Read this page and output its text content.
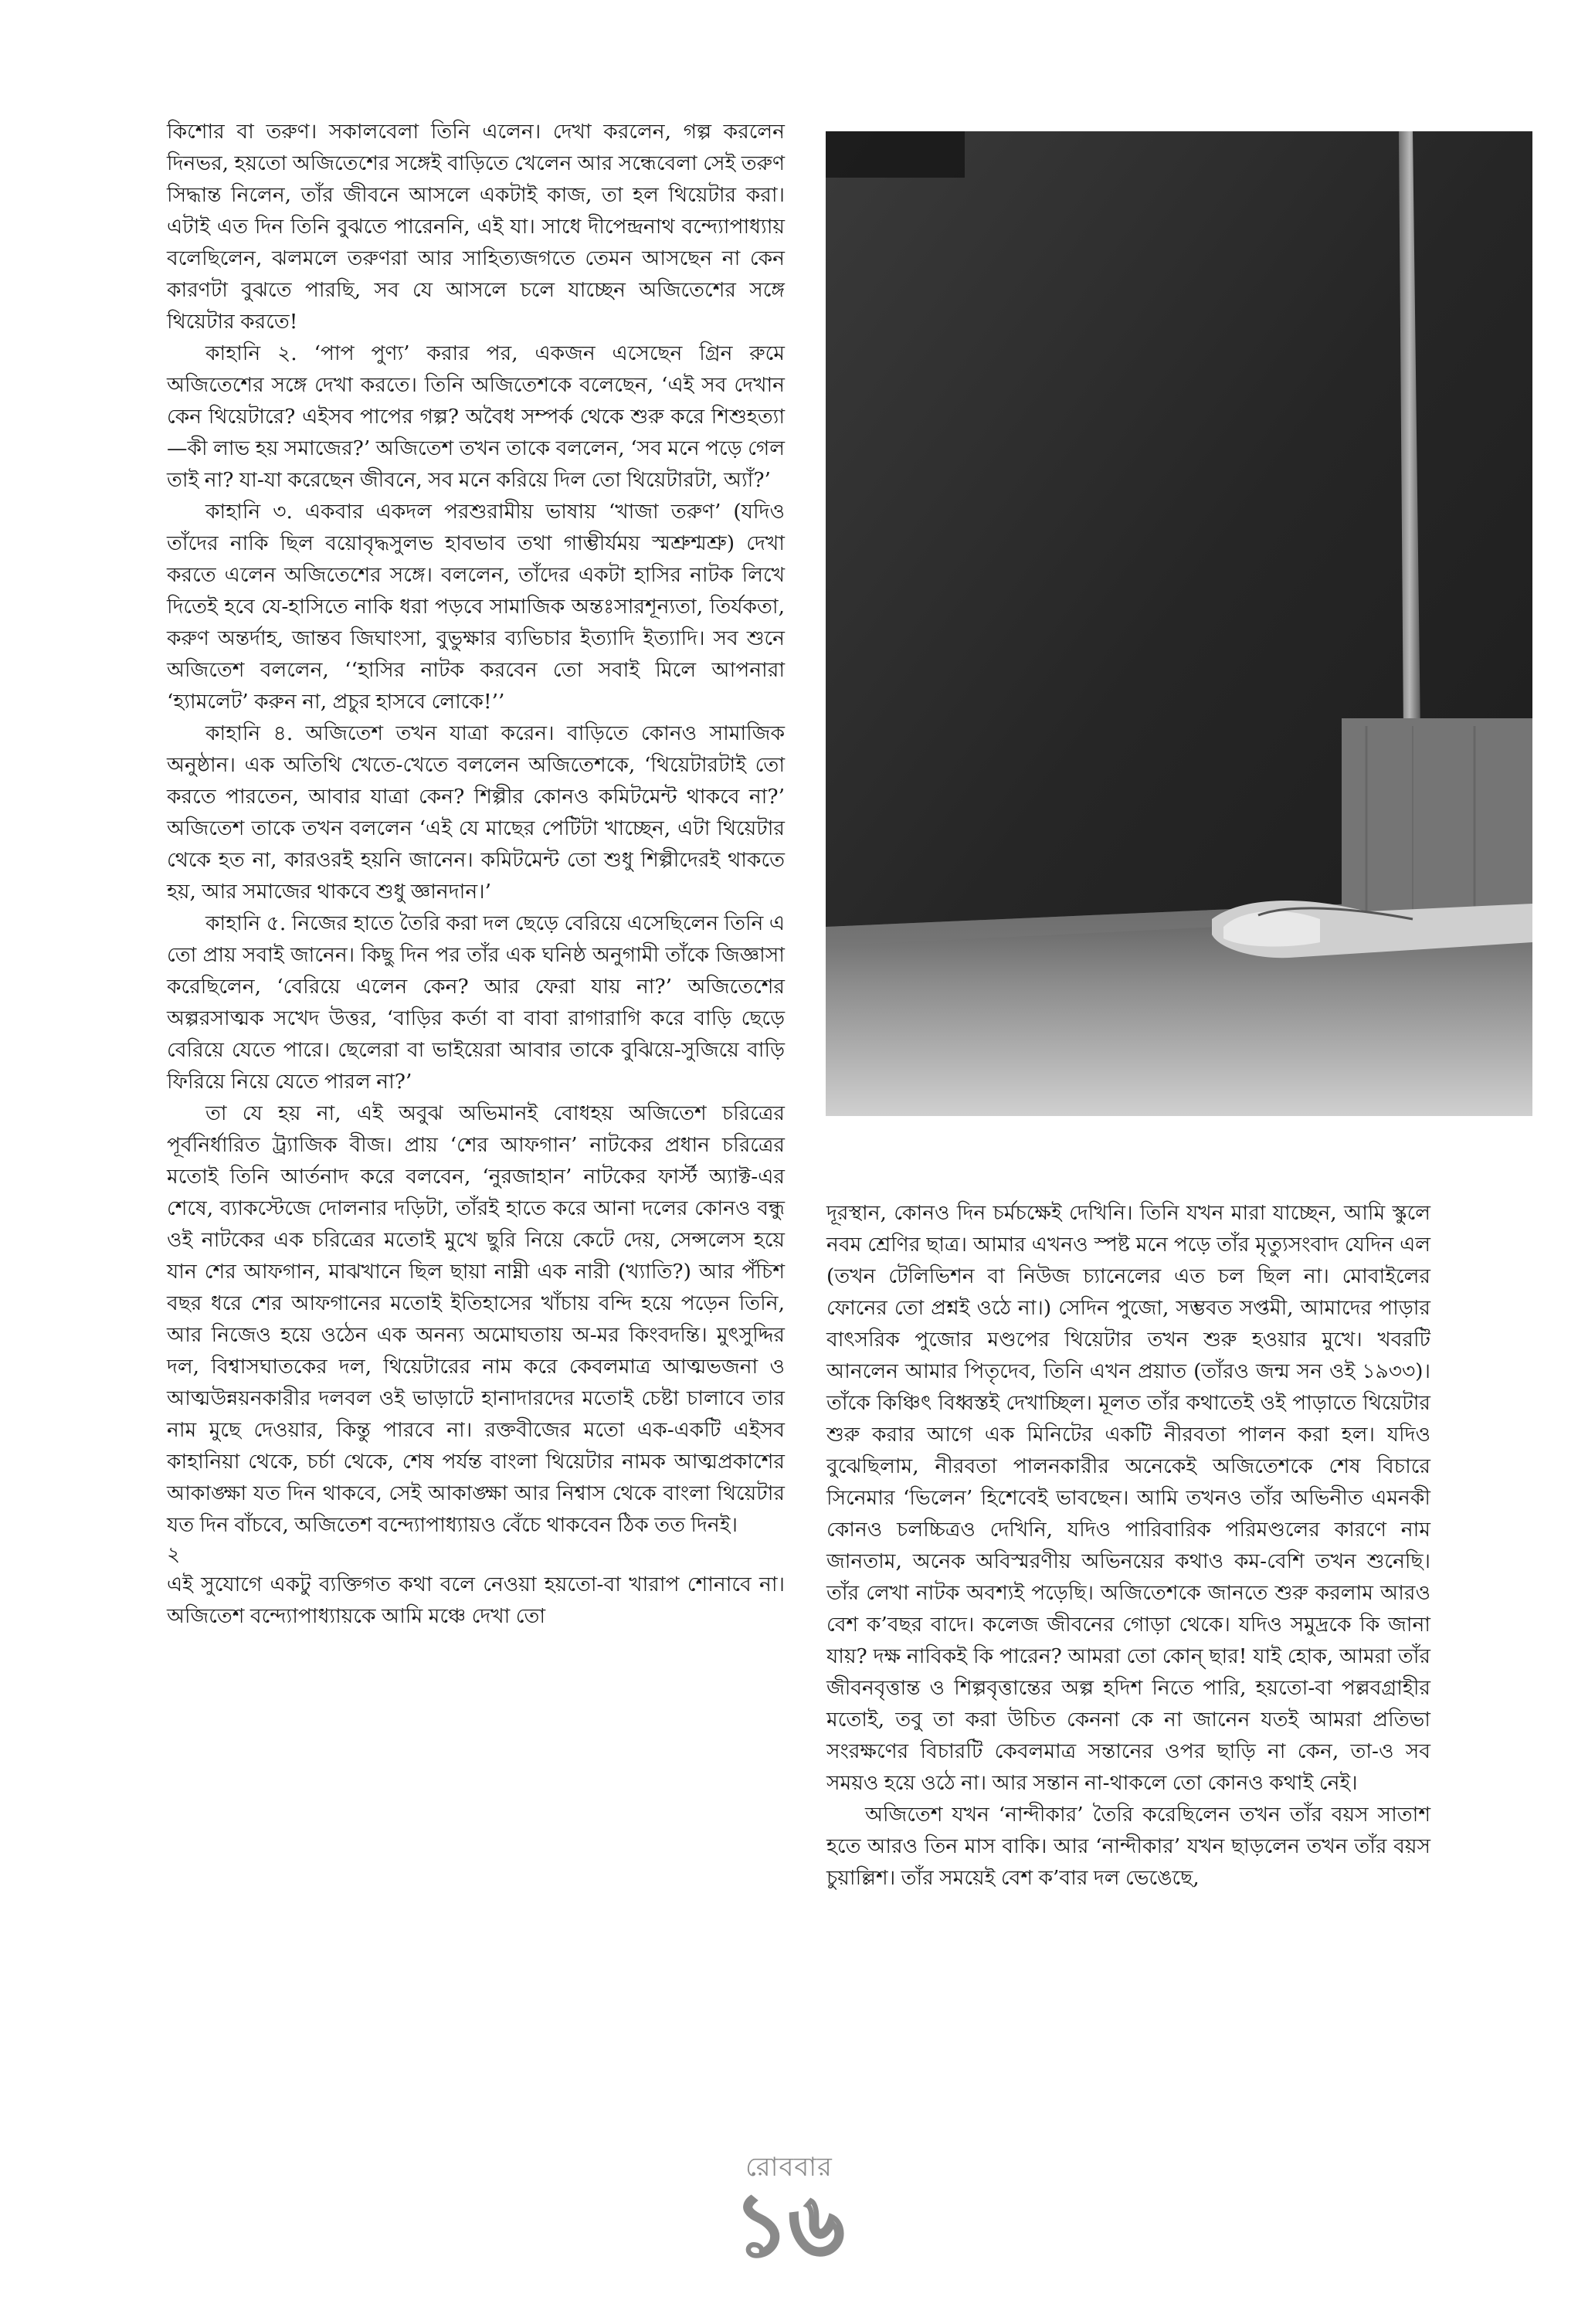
কিশোর বা তরুণ। সকালবেলা তিনি এলেন। দেখা করলেন, গল্প করলেন দিনভর, হয়তো অজিতেশের সঙ্গেই বাড়িতে খেলেন আর সন্ধেবেলা সেই তরুণ সিদ্ধান্ত নিলেন, তাঁর জীবনে আসলে একটাই কাজ, তা হল থিয়েটার করা। এটাই এত দিন তিনি বুঝতে পারেননি, এই যা। সাধে দীপেন্দ্রনাথ বন্দ্যোপাধ্যায় বলেছিলেন, ঝলমলে তরুণরা আর সাহিত্যজগতে তেমন আসছেন না কেন কারণটা বুঝতে পারছি, সব যে আসলে চলে যাচ্ছেন অজিতেশের সঙ্গে থিয়েটার করতে!

কাহানি ২. ‘পাপ পুণ্য’ করার পর, একজন এসেছেন গ্রিন রুমে অজিতেশের সঙ্গে দেখা করতে। তিনি অজিতেশকে বলেছেন, ‘এই সব দেখান কেন থিয়েটারে? এইসব পাপের গল্প? অবৈধ সম্পর্ক থেকে শুরু করে শিশুহত্যা—কী লাভ হয় সমাজের?’ অজিতেশ তখন তাকে বললেন, ‘সব মনে পড়ে গেল তাই না? যা-যা করেছেন জীবনে, সব মনে করিয়ে দিল তো থিয়েটারটা, অ্যাঁ?’

কাহানি ৩. একবার একদল পরশুরামীয় ভাষায় ‘খাজা তরুণ’ (যদিও তাঁদের নাকি ছিল বয়োবৃদ্ধসুলভ হাবভাব তথা গাম্ভীর্যময় স্মশ্রুশ্মশ্রু) দেখা করতে এলেন অজিতেশের সঙ্গে। বললেন, তাঁদের একটা হাসির নাটক লিখে দিতেই হবে যে-হাসিতে নাকি ধরা পড়বে সামাজিক অন্তঃসারশূন্যতা, তির্যকতা, করুণ অন্তর্দাহ, জান্তব জিঘাংসা, বুভুক্ষার ব্যভিচার ইত্যাদি ইত্যাদি। সব শুনে অজিতেশ বললেন, ‘‘হাসির নাটক করবেন তো সবাই মিলে আপনারা ‘হ্যামলেট’ করুন না, প্রচুর হাসবে লোকে!’’

কাহানি ৪. অজিতেশ তখন যাত্রা করেন। বাড়িতে কোনও সামাজিক অনুষ্ঠান। এক অতিথি খেতে-খেতে বললেন অজিতেশকে, ‘থিয়েটারটাই তো করতে পারতেন, আবার যাত্রা কেন? শিল্পীর কোনও কমিটমেন্ট থাকবে না?’ অজিতেশ তাকে তখন বললেন ‘এই যে মাছের পেটিটা খাচ্ছেন, এটা থিয়েটার থেকে হত না, কারওরই হয়নি জানেন। কমিটমেন্ট তো শুধু শিল্পীদেরই থাকতে হয়, আর সমাজের থাকবে শুধু জ্ঞানদান।’

কাহানি ৫. নিজের হাতে তৈরি করা দল ছেড়ে বেরিয়ে এসেছিলেন তিনি এ তো প্রায় সবাই জানেন। কিছু দিন পর তাঁর এক ঘনিষ্ঠ অনুগামী তাঁকে জিজ্ঞাসা করেছিলেন, ‘বেরিয়ে এলেন কেন? আর ফেরা যায় না?’ অজিতেশের অল্পরসাত্মক সখেদ উত্তর, ‘বাড়ির কর্তা বা বাবা রাগারাগি করে বাড়ি ছেড়ে বেরিয়ে যেতে পারে। ছেলেরা বা ভাইয়েরা আবার তাকে বুঝিয়ে-সুজিয়ে বাড়ি ফিরিয়ে নিয়ে যেতে পারল না?’

তা যে হয় না, এই অবুঝ অভিমানই বোধহয় অজিতেশ চরিত্রের পূর্বনির্ধারিত ট্র্যাজিক বীজ। প্রায় ‘শের আফগান’ নাটকের প্রধান চরিত্রের মতোই তিনি আর্তনাদ করে বলবেন, ‘নুরজাহান’ নাটকের ফার্স্ট অ্যাক্ট-এর শেষে, ব্যাকস্টেজে দোলনার দড়িটা, তাঁরই হাতে করে আনা দলের কোনও বন্ধু ওই নাটকের এক চরিত্রের মতোই মুখে ছুরি নিয়ে কেটে দেয়, সেন্সলেস হয়ে যান শের আফগান, মাঝখানে ছিল ছায়া নাম্নী এক নারী (খ্যাতি?) আর পঁচিশ বছর ধরে শের আফগানের মতোই ইতিহাসের খাঁচায় বন্দি হয়ে পড়েন তিনি, আর নিজেও হয়ে ওঠেন এক অনন্য অমোঘতায় অ-মর কিংবদন্তি। মুৎসুদ্দির দল, বিশ্বাসঘাতকের দল, থিয়েটারের নাম করে কেবলমাত্র আত্মভজনা ও আত্মউন্নয়নকারীর দলবল ওই ভাড়াটে হানাদারদের মতোই চেষ্টা চালাবে তার নাম মুছে দেওয়ার, কিন্তু পারবে না। রক্তবীজের মতো এক-একটি এইসব কাহানিয়া থেকে, চর্চা থেকে, শেষ পর্যন্ত বাংলা থিয়েটার নামক আত্মপ্রকাশের আকাঙ্ক্ষা যত দিন থাকবে, সেই আকাঙ্ক্ষা আর নিশ্বাস থেকে বাংলা থিয়েটার যত দিন বাঁচবে, অজিতেশ বন্দ্যোপাধ্যায়ও বেঁচে থাকবেন ঠিক তত দিনই।

২

এই সুযোগে একটু ব্যক্তিগত কথা বলে নেওয়া হয়তো-বা খারাপ শোনাবে না। অজিতেশ বন্দ্যোপাধ্যায়কে আমি মঞ্চে দেখা তো

দূরস্থান, কোনও দিন চর্মচক্ষেই দেখিনি। তিনি যখন মারা যাচ্ছেন, আমি স্কুলে নবম শ্রেণির ছাত্র। আমার এখনও স্পষ্ট মনে পড়ে তাঁর মৃত্যুসংবাদ যেদিন এল (তখন টেলিভিশন বা নিউজ চ্যানেলের এত চল ছিল না। মোবাইলের ফোনের তো প্রশ্নই ওঠে না।) সেদিন পুজো, সম্ভবত সপ্তমী, আমাদের পাড়ার বাৎসরিক পুজোর মণ্ডপের থিয়েটার তখন শুরু হওয়ার মুখে। খবরটি আনলেন আমার পিতৃদেব, তিনি এখন প্রয়াত (তাঁরও জন্ম সন ওই ১৯৩৩)। তাঁকে কিঞ্চিৎ বিধ্বস্তই দেখাচ্ছিল। মূলত তাঁর কথাতেই ওই পাড়াতে থিয়েটার শুরু করার আগে এক মিনিটের একটি নীরবতা পালন করা হল। যদিও বুঝেছিলাম, নীরবতা পালনকারীর অনেকেই অজিতেশকে শেষ বিচারে সিনেমার ‘ভিলেন’ হিশেবেই ভাবছেন। আমি তখনও তাঁর অভিনীত এমনকী কোনও চলচ্চিত্রও দেখিনি, যদিও পারিবারিক পরিমণ্ডলের কারণে নাম জানতাম, অনেক অবিস্মরণীয় অভিনয়ের কথাও কম-বেশি তখন শুনেছি। তাঁর লেখা নাটক অবশ্যই পড়েছি। অজিতেশকে জানতে শুরু করলাম আরও বেশ ক’বছর বাদে। কলেজ জীবনের গোড়া থেকে। যদিও সমুদ্রকে কি জানা যায়? দক্ষ নাবিকই কি পারেন? আমরা তো কোন্ ছার! যাই হোক, আমরা তাঁর জীবনবৃত্তান্ত ও শিল্পবৃত্তান্তের অল্প হদিশ নিতে পারি, হয়তো-বা পল্লবগ্রাহীর মতোই, তবু তা করা উচিত কেননা কে না জানেন যতই আমরা প্রতিভা সংরক্ষণের বিচারটি কেবলমাত্র সন্তানের ওপর ছাড়ি না কেন, তা-ও সব সময়ও হয়ে ওঠে না। আর সন্তান না-থাকলে তো কোনও কথাই নেই।

অজিতেশ যখন ‘নান্দীকার’ তৈরি করেছিলেন তখন তাঁর বয়স সাতাশ হতে আরও তিন মাস বাকি। আর ‘নান্দীকার’ যখন ছাড়লেন তখন তাঁর বয়স চুয়াল্লিশ। তাঁর সময়েই বেশ ক’বার দল ভেঙেছে,

রোববার
১৬
